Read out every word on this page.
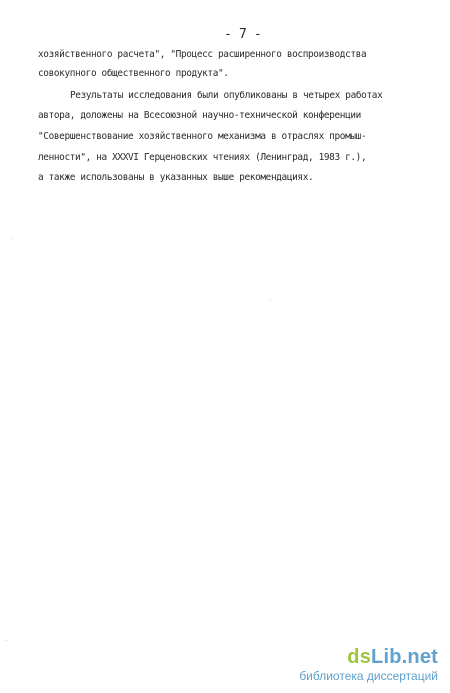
- 7 -
хозяйственного расчета", "Процесс расширенного воспроизводства
совокупного общественного продукта".
Результаты исследования были опубликованы в четырех работах
автора, доложены на Всесоюзной научно-технической конференции
"Совершенствование хозяйственного механизма в отраслях промыш-
ленности", на XXXVI Герценовских чтениях (Ленинград, 1983 г.),
а также использованы в указанных выше рекомендациях.
dsLib.net
библиотека диссертаций
